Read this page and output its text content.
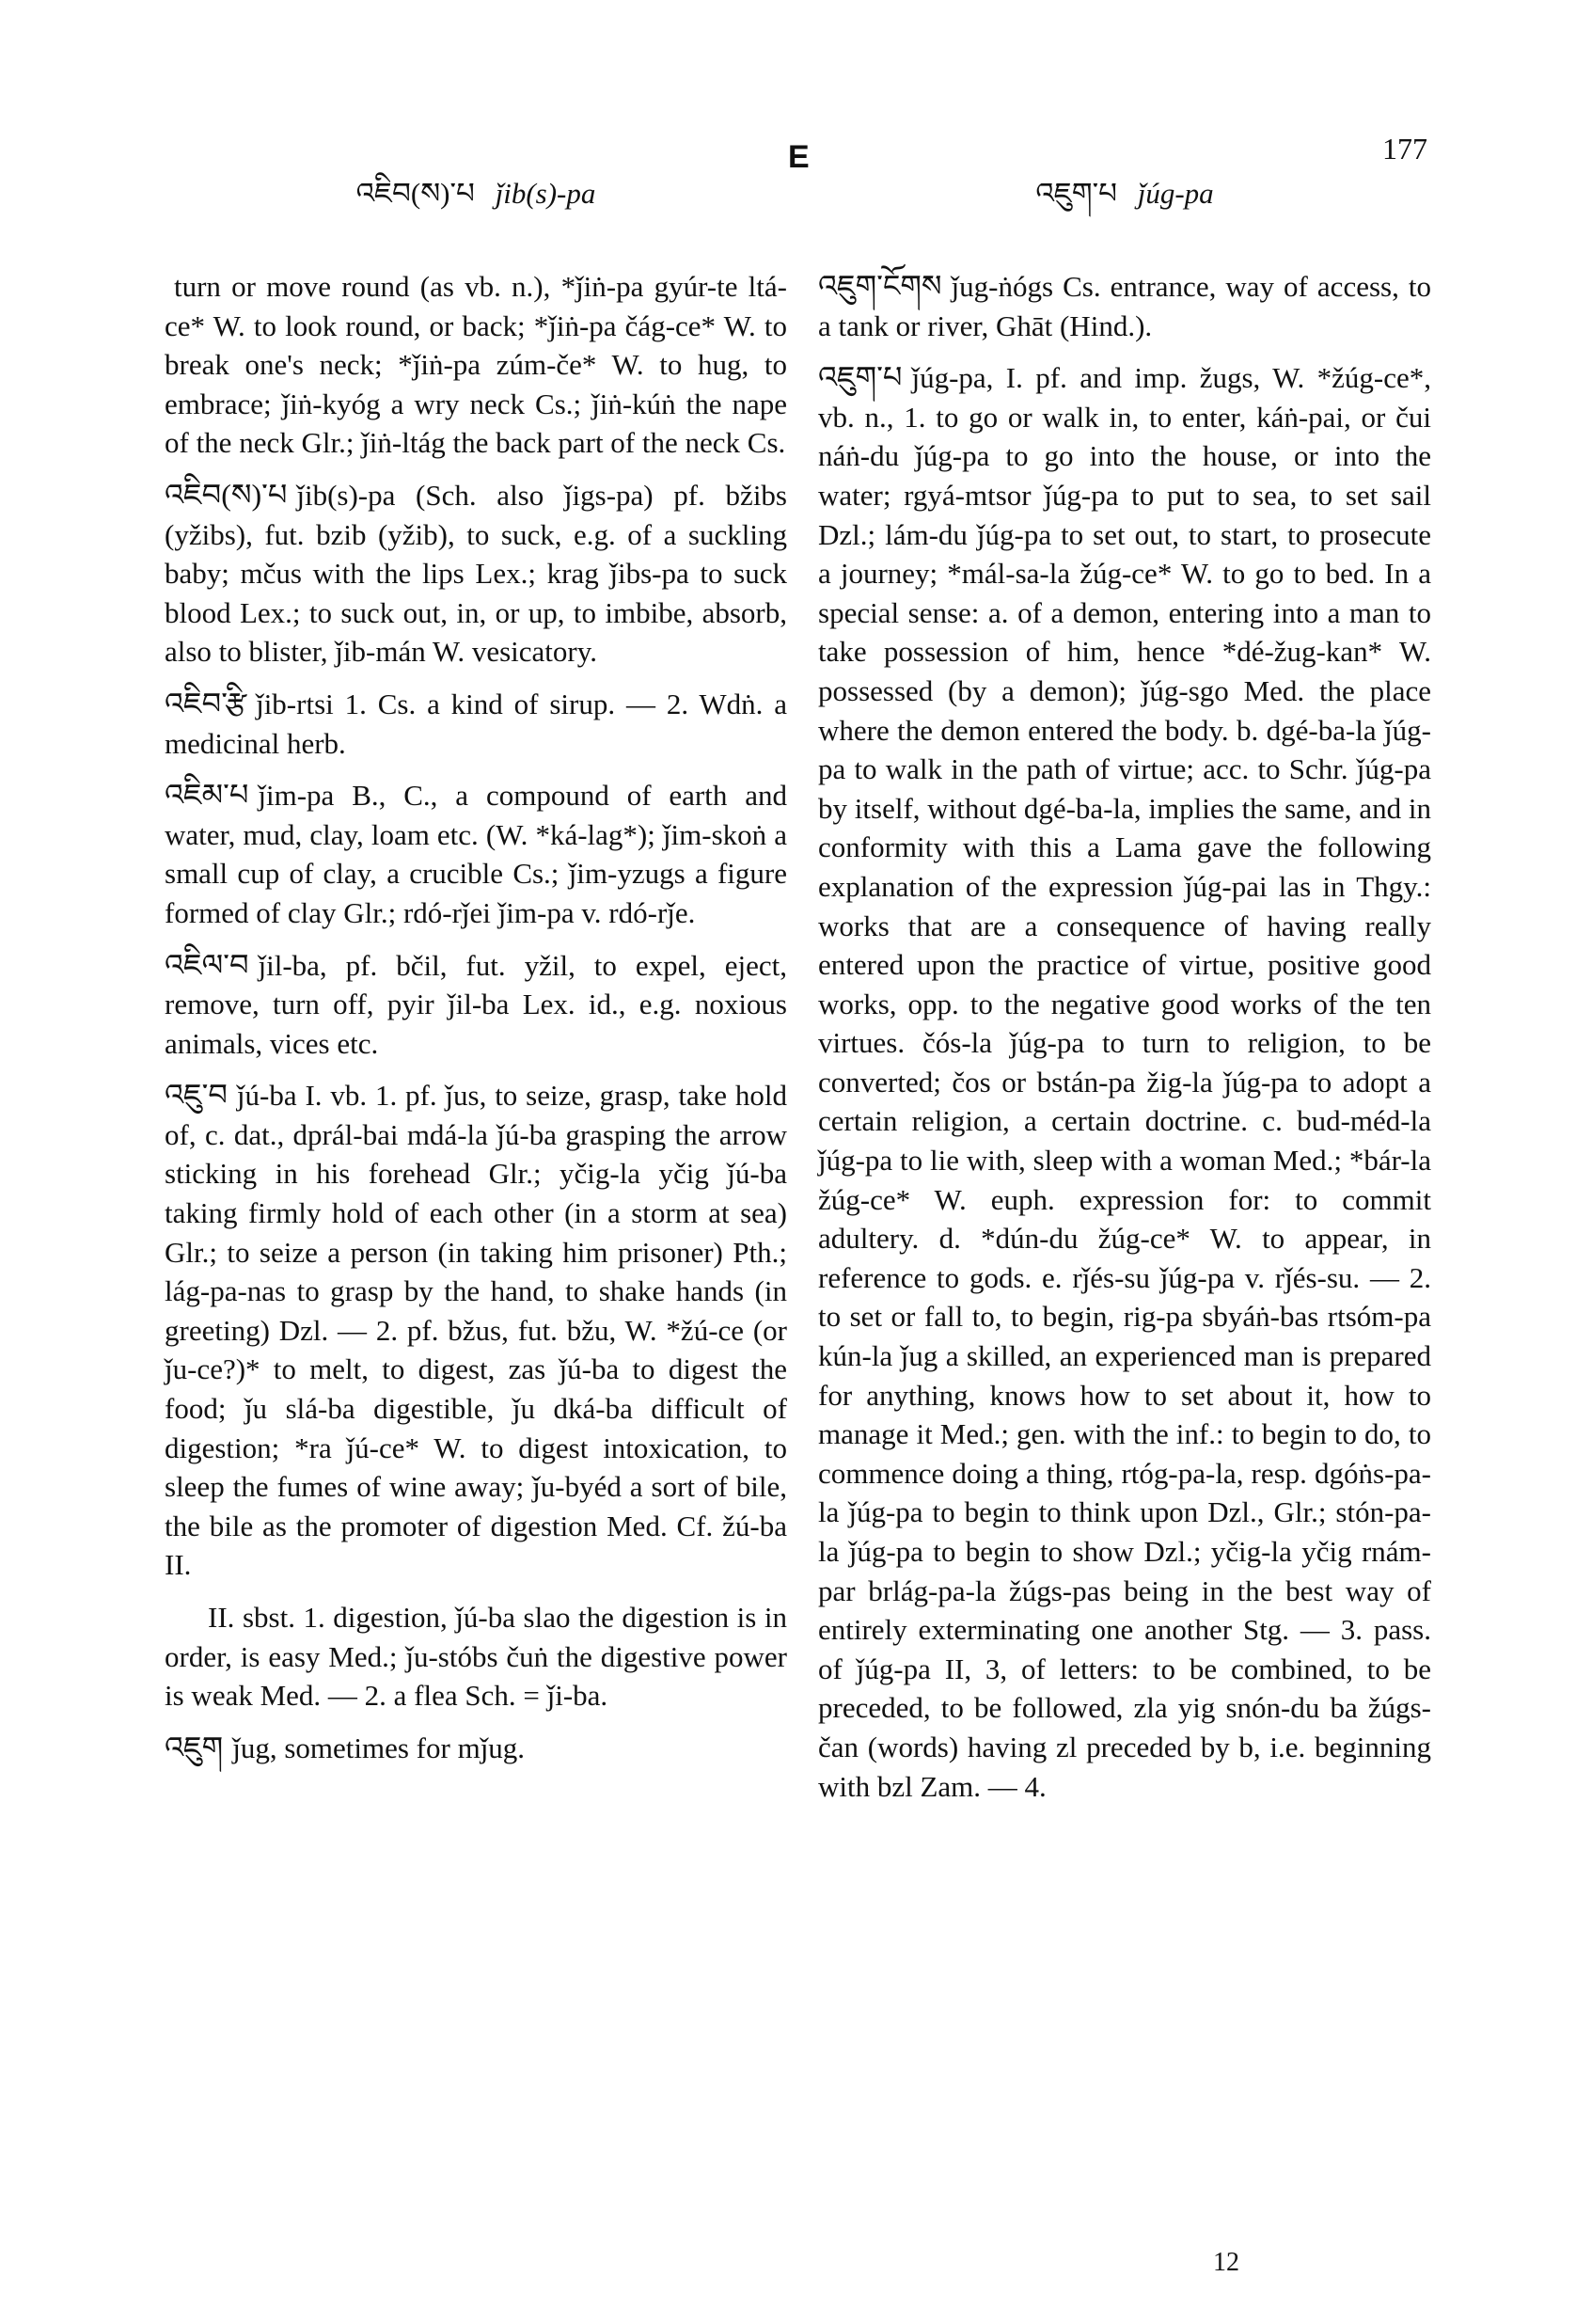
E	177
འཇིབ(ས)་པ ǰib(s)-pa
turn or move round (as vb. n.), *ǰiṅ-pa gyúr-te ltá-ce* W. to look round, or back; *ǰiṅ-pa čág-ce* W. to break one's neck; *ǰiṅ-pa zúm-če* W. to hug, to embrace; ǰiṅ-kyóg a wry neck Cs.; ǰiṅ-kúṅ the nape of the neck Glr.; ǰiṅ-ltág the back part of the neck Cs.
འཇིབ(ས)་པ ǰib(s)-pa (Sch. also ǰigs-pa) pf. bžibs (yžibs), fut. bzib (yžib), to suck, e.g. of a suckling baby; mčus with the lips Lex.; krag ǰibs-pa to suck blood Lex.; to suck out, in, or up, to imbibe, absorb, also to blister, ǰib-mán W. vesicatory.
འཇིབ་རྩི ǰib-rtsi 1. Cs. a kind of sirup. — 2. Wdṅ. a medicinal herb.
འཇིམ་པ ǰim-pa B., C., a compound of earth and water, mud, clay, loam etc. (W. *ká-lag*); ǰim-skoṅ a small cup of clay, a crucible Cs.; ǰim-yzugs a figure formed of clay Glr.; rdó-rǰei ǰim-pa v. rdó-rǰe.
འཇིལ་བ ǰil-ba, pf. bčil, fut. yžil, to expel, eject, remove, turn off, pyir ǰil-ba Lex. id., e.g. noxious animals, vices etc.
འཇུ་བ ǰú-ba I. vb. 1. pf. ǰus, to seize, grasp, take hold of, c. dat., dprál-bai mdá-la ǰú-ba grasping the arrow sticking in his forehead Glr.; yčig-la yčig ǰú-ba taking firmly hold of each other (in a storm at sea) Glr.; to seize a person (in taking him prisoner) Pth.; lág-pa-nas to grasp by the hand, to shake hands (in greeting) Dzl. — 2. pf. bžus, fut. bžu, W. *žú-ce (or ǰu-ce?)* to melt, to digest, zas ǰú-ba to digest the food; ǰu slá-ba digestible, ǰu dká-ba difficult of digestion; *ra ǰú-ce* W. to digest intoxication, to sleep the fumes of wine away; ǰu-byéd a sort of bile, the bile as the promoter of digestion Med. Cf. žú-ba II.
II. sbst. 1. digestion, ǰú-ba slao the digestion is in order, is easy Med.; ǰu-stóbs čuṅ the digestive power is weak Med. — 2. a flea Sch. = ǰi-ba.
འཇུག ǰug, sometimes for mǰug.
འཇུག་པ ǰúg-pa
འཇུག་ངོགས ǰug-ṅógs Cs. entrance, way of access, to a tank or river, Ghāt (Hind.).
འཇུག་པ ǰúg-pa, I. pf. and imp. žugs, W. *žúg-ce*, vb. n., 1. to go or walk in, to enter, káṅ-pai, or čui náṅ-du ǰúg-pa to go into the house, or into the water; rgyá-mtsor ǰúg-pa to put to sea, to set sail Dzl.; lám-du ǰúg-pa to set out, to start, to prosecute a journey; *mál-sa-la žúg-ce* W. to go to bed. In a special sense: a. of a demon, entering into a man to take possession of him, hence *dé-žug-kan* W. possessed (by a demon); ǰúg-sgo Med. the place where the demon entered the body. b. dgé-ba-la ǰúg-pa to walk in the path of virtue; acc. to Schr. ǰúg-pa by itself, without dgé-ba-la, implies the same, and in conformity with this a Lama gave the following explanation of the expression ǰúg-pai las in Thgy.: works that are a consequence of having really entered upon the practice of virtue, positive good works, opp. to the negative good works of the ten virtues. čós-la ǰúg-pa to turn to religion, to be converted; čos or bstán-pa žig-la ǰúg-pa to adopt a certain religion, a certain doctrine. c. bud-méd-la ǰúg-pa to lie with, sleep with a woman Med.; *bár-la žúg-ce* W. euph. expression for: to commit adultery. d. *dún-du žúg-ce* W. to appear, in reference to gods. e. rǰés-su ǰúg-pa v. rǰés-su. — 2. to set or fall to, to begin, rig-pa sbyáṅ-bas rtsóm-pa kún-la ǰug a skilled, an experienced man is prepared for anything, knows how to set about it, how to manage it Med.; gen. with the inf.: to begin to do, to commence doing a thing, rtóg-pa-la, resp. dgóṅs-pa-la ǰúg-pa to begin to think upon Dzl., Glr.; stón-pa-la ǰúg-pa to begin to show Dzl.; yčig-la yčig rnám-par brlág-pa-la žúgs-pas being in the best way of entirely exterminating one another Stg. — 3. pass. of ǰúg-pa II, 3, of letters: to be combined, to be preceded, to be followed, zla yig snón-du ba žúgs-čan (words) having zl preceded by b, i.e. beginning with bzl Zam. — 4.
12
